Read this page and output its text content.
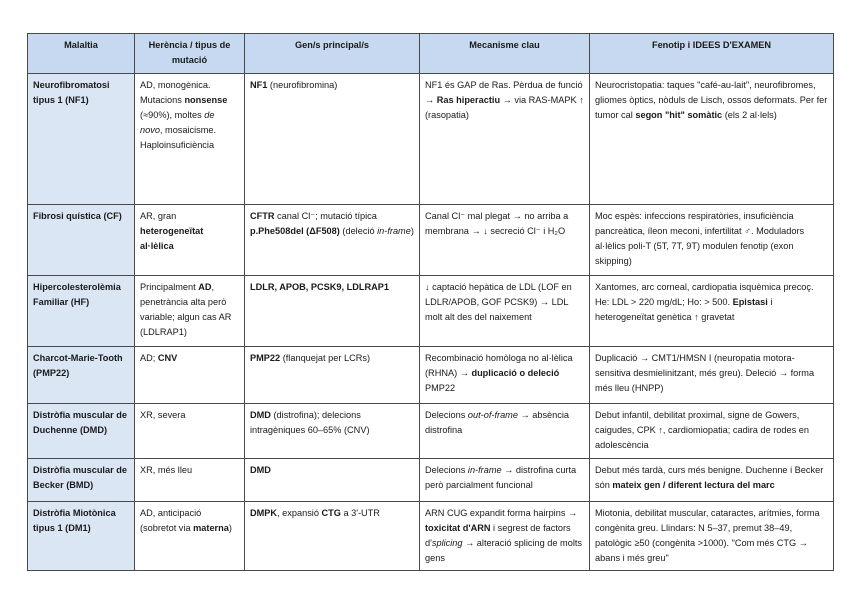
Malaltia	Herència / tipus de mutació	Gen/s principal/s	Mecanisme clau	Fenotip i IDEES D'EXAMEN
Neurofibromatosi tipus 1 (NF1)	AD, monogènica. Mutacions nonsense (≈90%), moltes de novo, mosaicisme. Haploinsuficiència	NF1 (neurofibromina)	NF1 és GAP de Ras. Pèrdua de funció → Ras hiperactiu → via RAS-MAPK ↑ (rasopatia)	Neurocristopatia: taques "café-au-lait", neurofibromes, gliomes òptics, nòduls de Lisch, ossos deformats. Per fer tumor cal segon "hit" somàtic (els 2 al·lels)
Fibrosi quística (CF)	AR, gran heterogeneïtat al·lèlica	CFTR canal Cl⁻; mutació típica p.Phe508del (ΔF508) (deleció in-frame)	Canal Cl⁻ mal plegat → no arriba a membrana → ↓ secreció Cl⁻ i H₂O	Moc espès: infeccions respiratòries, insuficiència pancreàtica, íleon meconi, infertilitat ♂. Moduladors al·lèlics poli-T (5T, 7T, 9T) modulen fenotip (exon skipping)
Hipercolesterolèmia Familiar (HF)	Principalment AD, penetrància alta però variable; algun cas AR (LDLRAP1)	LDLR, APOB, PCSK9, LDLRAP1	↓ captació hepàtica de LDL (LOF en LDLR/APOB, GOF PCSK9) → LDL molt alt des del naixement	Xantomes, arc corneal, cardiopatia isquèmica precoç. He: LDL > 220 mg/dL; Ho: > 500. Epistasi i heterogeneïtat genètica ↑ gravetat
Charcot-Marie-Tooth (PMP22)	AD; CNV	PMP22 (flanquejat per LCRs)	Recombinació homòloga no al·lèlica (RHNA) → duplicació o deleció PMP22	Duplicació → CMT1/HMSN I (neuropatia motora-sensitiva desmielinitzant, més greu). Deleció → forma més lleu (HNPP)
Distròfia muscular de Duchenne (DMD)	XR, severa	DMD (distrofina); delecions intragèniques 60–65% (CNV)	Delecions out-of-frame → absència distrofina	Debut infantil, debilitat proximal, signe de Gowers, caigudes, CPK ↑, cardiomiopatia; cadira de rodes en adolescència
Distròfia muscular de Becker (BMD)	XR, més lleu	DMD	Delecions in-frame → distrofina curta però parcialment funcional	Debut més tardà, curs més benigne. Duchenne i Becker són mateix gen / diferent lectura del marc
Distròfia Miotònica tipus 1 (DM1)	AD, anticipació (sobretot via materna)	DMPK, expansió CTG a 3'-UTR	ARN CUG expandit forma hairpins → toxicitat d'ARN i segrest de factors d'splicing → alteració splicing de molts gens	Miotonia, debilitat muscular, cataractes, arítmies, forma congènita greu. Llindars: N 5–37, premut 38–49, patològic ≥50 (congènita >1000). "Com més CTG → abans i més greu"
